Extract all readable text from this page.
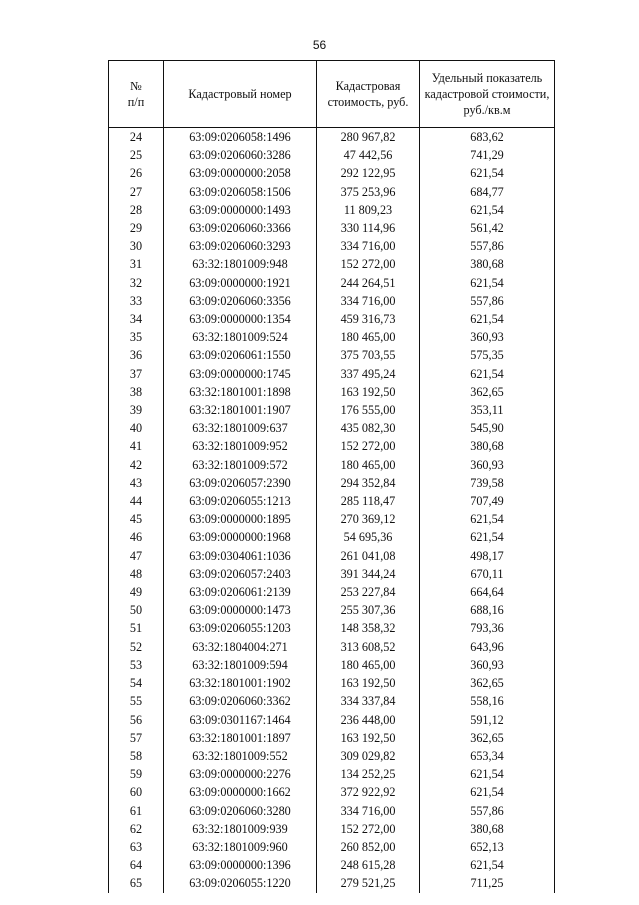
56
№
п/п	Кадастровый номер	Кадастровая стоимость, руб.	Удельный показатель кадастровой стоимости, руб./кв.м
24	63:09:0206058:1496	280 967,82	683,62
25	63:09:0206060:3286	47 442,56	741,29
26	63:09:0000000:2058	292 122,95	621,54
27	63:09:0206058:1506	375 253,96	684,77
28	63:09:0000000:1493	11 809,23	621,54
29	63:09:0206060:3366	330 114,96	561,42
30	63:09:0206060:3293	334 716,00	557,86
31	63:32:1801009:948	152 272,00	380,68
32	63:09:0000000:1921	244 264,51	621,54
33	63:09:0206060:3356	334 716,00	557,86
34	63:09:0000000:1354	459 316,73	621,54
35	63:32:1801009:524	180 465,00	360,93
36	63:09:0206061:1550	375 703,55	575,35
37	63:09:0000000:1745	337 495,24	621,54
38	63:32:1801001:1898	163 192,50	362,65
39	63:32:1801001:1907	176 555,00	353,11
40	63:32:1801009:637	435 082,30	545,90
41	63:32:1801009:952	152 272,00	380,68
42	63:32:1801009:572	180 465,00	360,93
43	63:09:0206057:2390	294 352,84	739,58
44	63:09:0206055:1213	285 118,47	707,49
45	63:09:0000000:1895	270 369,12	621,54
46	63:09:0000000:1968	54 695,36	621,54
47	63:09:0304061:1036	261 041,08	498,17
48	63:09:0206057:2403	391 344,24	670,11
49	63:09:0206061:2139	253 227,84	664,64
50	63:09:0000000:1473	255 307,36	688,16
51	63:09:0206055:1203	148 358,32	793,36
52	63:32:1804004:271	313 608,52	643,96
53	63:32:1801009:594	180 465,00	360,93
54	63:32:1801001:1902	163 192,50	362,65
55	63:09:0206060:3362	334 337,84	558,16
56	63:09:0301167:1464	236 448,00	591,12
57	63:32:1801001:1897	163 192,50	362,65
58	63:32:1801009:552	309 029,82	653,34
59	63:09:0000000:2276	134 252,25	621,54
60	63:09:0000000:1662	372 922,92	621,54
61	63:09:0206060:3280	334 716,00	557,86
62	63:32:1801009:939	152 272,00	380,68
63	63:32:1801009:960	260 852,00	652,13
64	63:09:0000000:1396	248 615,28	621,54
65	63:09:0206055:1220	279 521,25	711,25
